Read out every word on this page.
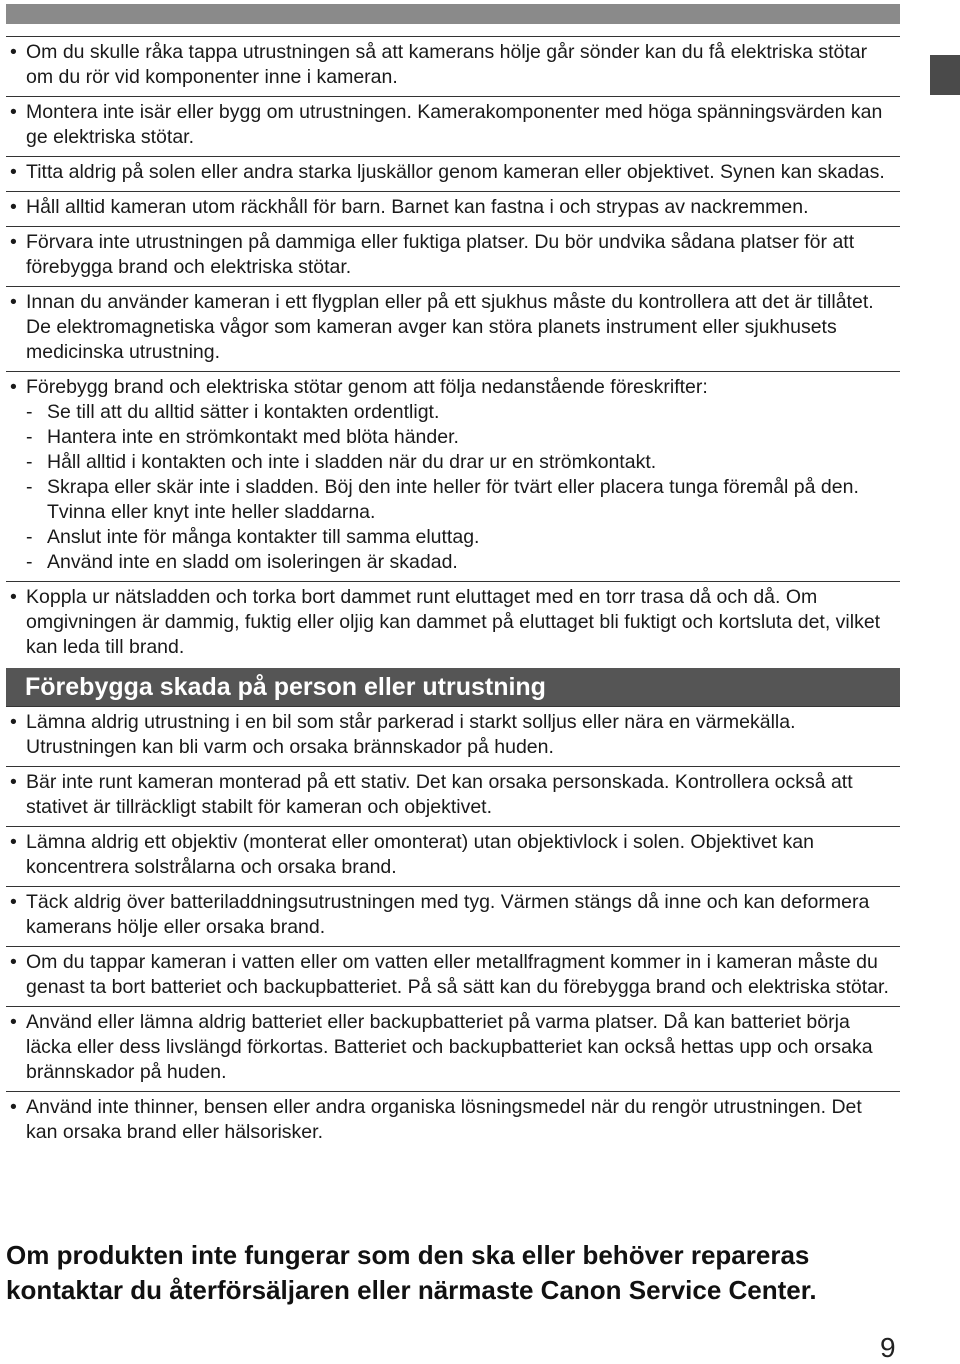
• Om du skulle råka tappa utrustningen så att kamerans hölje går sönder kan du få elektriska stötar om du rör vid komponenter inne i kameran.
• Montera inte isär eller bygg om utrustningen. Kamerakomponenter med höga spänningsvärden kan ge elektriska stötar.
• Titta aldrig på solen eller andra starka ljuskällor genom kameran eller objektivet. Synen kan skadas.
• Håll alltid kameran utom räckhåll för barn. Barnet kan fastna i och strypas av nackremmen.
• Förvara inte utrustningen på dammiga eller fuktiga platser. Du bör undvika sådana platser för att förebygga brand och elektriska stötar.
• Innan du använder kameran i ett flygplan eller på ett sjukhus måste du kontrollera att det är tillåtet. De elektromagnetiska vågor som kameran avger kan störa planets instrument eller sjukhusets medicinska utrustning.
• Förebygg brand och elektriska stötar genom att följa nedanstående föreskrifter:
- Se till att du alltid sätter i kontakten ordentligt.
- Hantera inte en strömkontakt med blöta händer.
- Håll alltid i kontakten och inte i sladden när du drar ur en strömkontakt.
- Skrapa eller skär inte i sladden. Böj den inte heller för tvärt eller placera tunga föremål på den. Tvinna eller knyt inte heller sladdarna.
- Anslut inte för många kontakter till samma eluttag.
- Använd inte en sladd om isoleringen är skadad.
• Koppla ur nätsladden och torka bort dammet runt eluttaget med en torr trasa då och då. Om omgivningen är dammig, fuktig eller oljig kan dammet på eluttaget bli fuktigt och kortsluta det, vilket kan leda till brand.
Förebygga skada på person eller utrustning
• Lämna aldrig utrustning i en bil som står parkerad i starkt solljus eller nära en värmekälla. Utrustningen kan bli varm och orsaka brännskador på huden.
• Bär inte runt kameran monterad på ett stativ. Det kan orsaka personskada. Kontrollera också att stativet är tillräckligt stabilt för kameran och objektivet.
• Lämna aldrig ett objektiv (monterat eller omonterat) utan objektivlock i solen. Objektivet kan koncentrera solstrålarna och orsaka brand.
• Täck aldrig över batteriladdningsutrustningen med tyg. Värmen stängs då inne och kan deformera kamerans hölje eller orsaka brand.
• Om du tappar kameran i vatten eller om vatten eller metallfragment kommer in i kameran måste du genast ta bort batteriet och backupbatteriet. På så sätt kan du förebygga brand och elektriska stötar.
• Använd eller lämna aldrig batteriet eller backupbatteriet på varma platser. Då kan batteriet börja läcka eller dess livslängd förkortas. Batteriet och backupbatteriet kan också hettas upp och orsaka brännskador på huden.
• Använd inte thinner, bensen eller andra organiska lösningsmedel när du rengör utrustningen. Det kan orsaka brand eller hälsorisker.
Om produkten inte fungerar som den ska eller behöver repareras kontaktar du återförsäljaren eller närmaste Canon Service Center.
9
